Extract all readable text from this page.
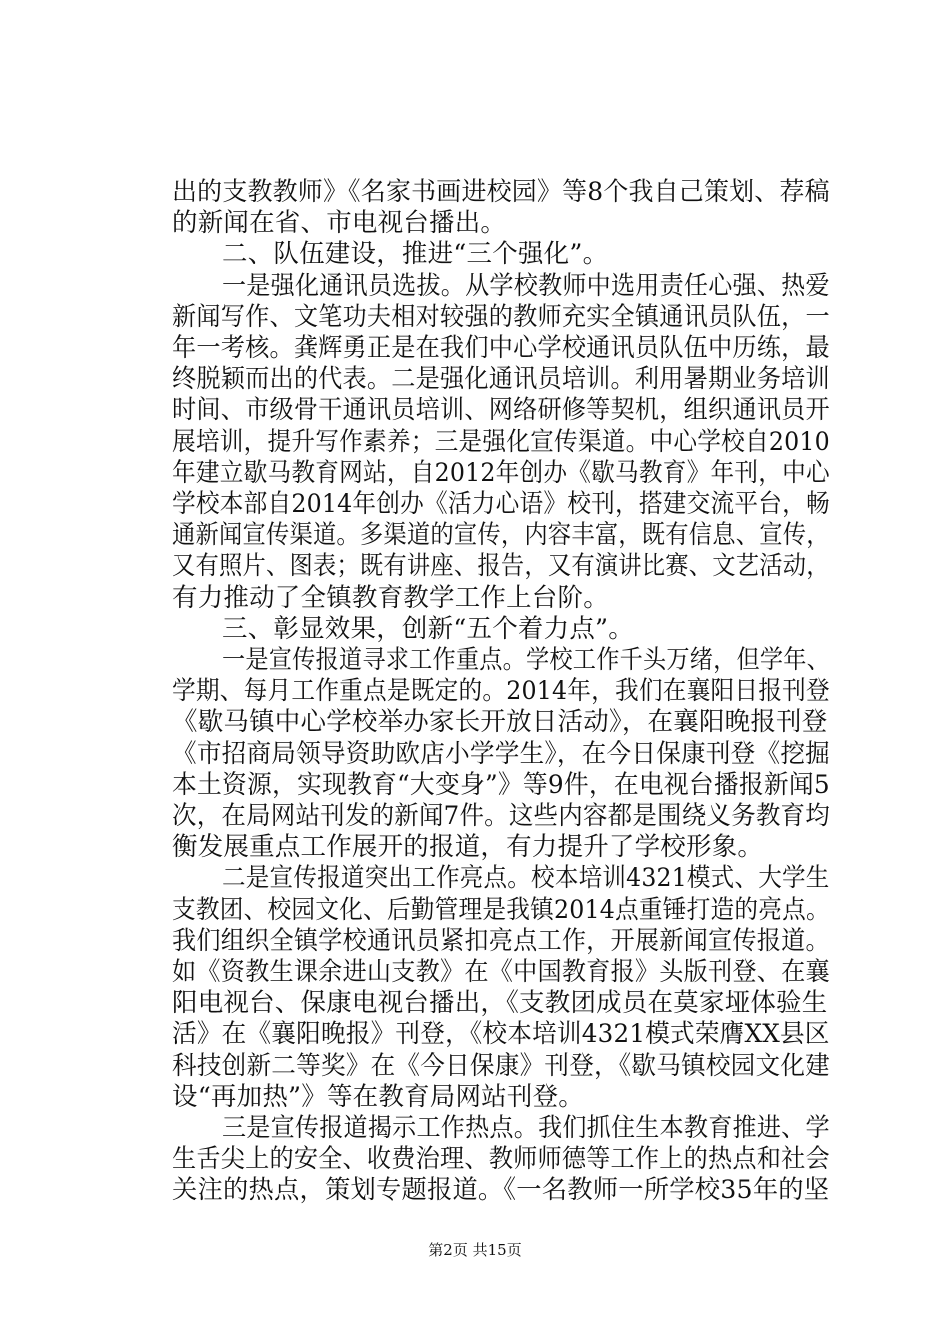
出的支教教师》《名家书画进校园》等8个我自己策划、荐稿
的新闻在省、市电视台播出。
二、队伍建设，推进“三个强化”。
一是强化通讯员选拔。从学校教师中选用责任心强、热爱
新闻写作、文笔功夫相对较强的教师充实全镇通讯员队伍，一
年一考核。龚辉勇正是在我们中心学校通讯员队伍中历练，最
终脱颖而出的代表。二是强化通讯员培训。利用暑期业务培训
时间、市级骨干通讯员培训、网络研修等契机，组织通讯员开
展培训，提升写作素养；三是强化宣传渠道。中心学校自2010
年建立歇马教育网站，自2012年创办《歇马教育》年刊，中心
学校本部自2014年创办《活力心语》校刊，搭建交流平台，畅
通新闻宣传渠道。多渠道的宣传，内容丰富，既有信息、宣传，
又有照片、图表；既有讲座、报告，又有演讲比赛、文艺活动，
有力推动了全镇教育教学工作上台阶。
三、彰显效果，创新“五个着力点”。
一是宣传报道寻求工作重点。学校工作千头万绪，但学年、
学期、每月工作重点是既定的。2014年，我们在襄阳日报刊登
《歇马镇中心学校举办家长开放日活动》，在襄阳晚报刊登
《市招商局领导资助欧店小学学生》，在今日保康刊登《挖掘
本土资源，实现教育“大变身”》等9件，在电视台播报新闻5
次，在局网站刊发的新闻7件。这些内容都是围绕义务教育均
衡发展重点工作展开的报道，有力提升了学校形象。
二是宣传报道突出工作亮点。校本培训4321模式、大学生
支教团、校园文化、后勤管理是我镇2014点重锤打造的亮点。
我们组织全镇学校通讯员紧扣亮点工作，开展新闻宣传报道。
如《资教生课余进山支教》在《中国教育报》头版刊登、在襄
阳电视台、保康电视台播出，《支教团成员在莫家垭体验生
活》在《襄阳晚报》刊登，《校本培训4321模式荣膺XX县区
科技创新二等奖》在《今日保康》刊登，《歇马镇校园文化建
设“再加热”》等在教育局网站刊登。
三是宣传报道揭示工作热点。我们抓住生本教育推进、学
生舌尖上的安全、收费治理、教师师德等工作上的热点和社会
关注的热点，策划专题报道。《一名教师一所学校35年的坚
第2页 共15页
